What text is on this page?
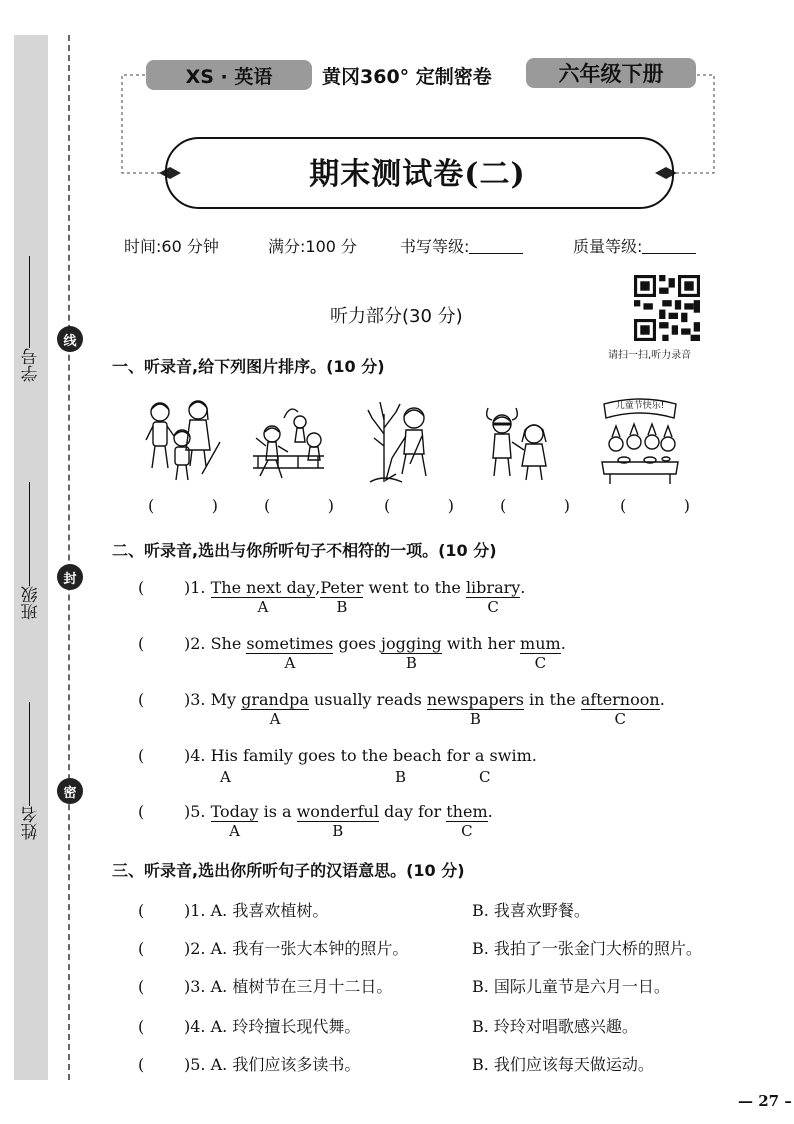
线
封
密
学号
班级
姓名
XS · 英语	黄冈360° 定制密卷	六年级下册
期末测试卷(二)
时间:60 分钟	满分:100 分	书写等级:	质量等级:
听力部分(30 分)
请扫一扫,听力录音
一、听录音,给下列图片排序。(10 分)
儿童节快乐!
(	)	(	)	(	)	(	)	(	)
二、听录音,选出与你所听句子不相符的一项。(10 分)
( )1. The next day
A
,Peter
B
went to the library
C
.
( )2. She sometimes
A
goes jogging
B
with her mum
C
.
( )3. My grandpa
A
usually reads newspapers
B
in the afternoon
C
.
( )4. His family goes to the beach for a swim.
A	B	C
( )5. Today
A
is a wonderful
B
day for them
C
.
三、听录音,选出你所听句子的汉语意思。(10 分)
( )1. A. 我喜欢植树。	B. 我喜欢野餐。
( )2. A. 我有一张大本钟的照片。	B. 我拍了一张金门大桥的照片。
( )3. A. 植树节在三月十二日。	B. 国际儿童节是六月一日。
( )4. A. 玲玲擅长现代舞。	B. 玲玲对唱歌感兴趣。
( )5. A. 我们应该多读书。	B. 我们应该每天做运动。
— 27 –
